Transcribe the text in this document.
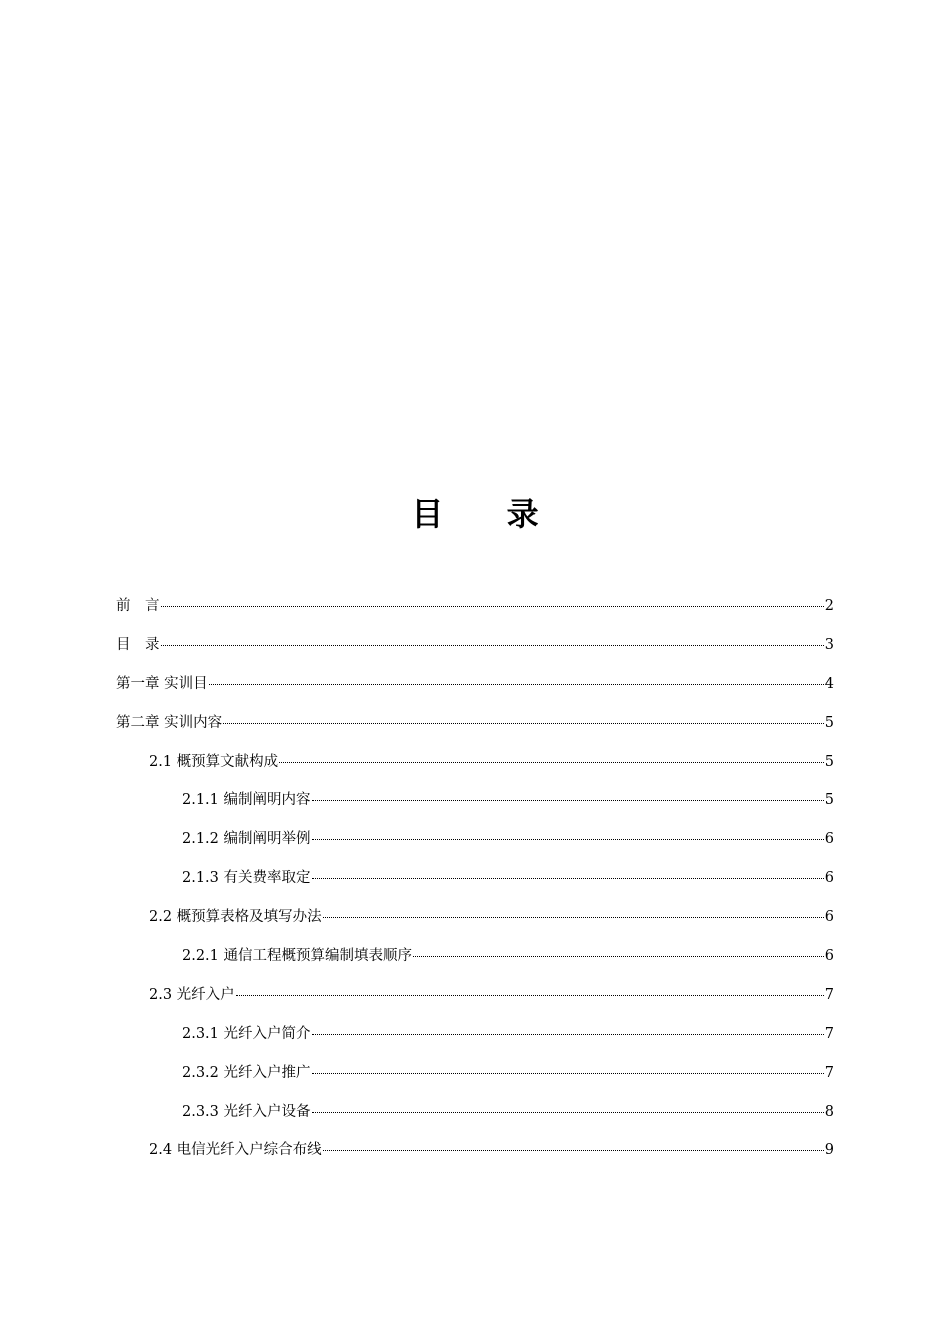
目 录
前　言	2
目　录	3
第一章 实训目	4
第二章 实训内容	5
2.1 概预算文献构成	5
2.1.1 编制阐明内容	5
2.1.2 编制阐明举例	6
2.1.3 有关费率取定	6
2.2 概预算表格及填写办法	6
2.2.1 通信工程概预算编制填表顺序	6
2.3 光纤入户	7
2.3.1 光纤入户简介	7
2.3.2 光纤入户推广	7
2.3.3 光纤入户设备	8
2.4 电信光纤入户综合布线	9
